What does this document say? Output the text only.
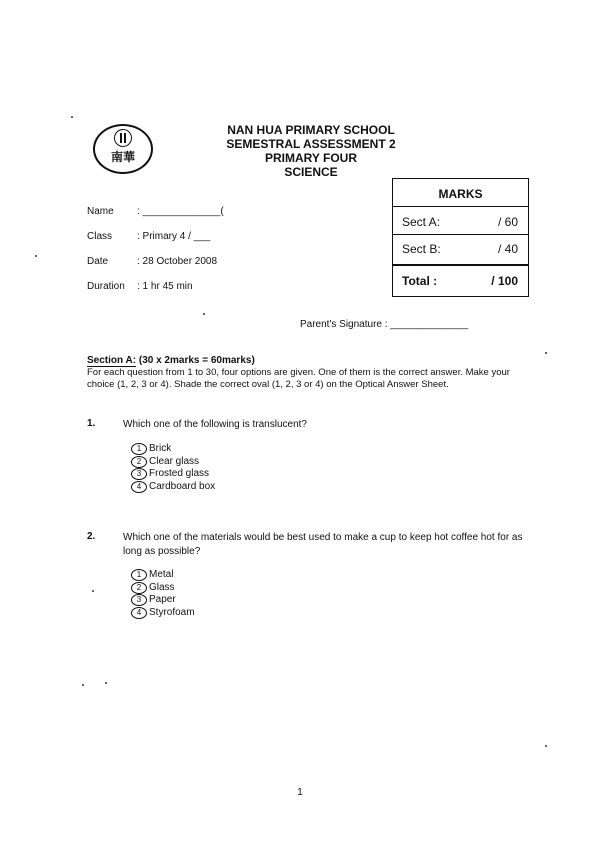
南華
NAN HUA PRIMARY SCHOOL
SEMESTRAL ASSESSMENT 2
PRIMARY FOUR
SCIENCE
Name : ______________(
Class : Primary 4 / ___
Date	: 28 October 2008
Duration : 1 hr 45 min
MARKS
Sect A:	/ 60
Sect B:	/ 40
Total :	/ 100
Parent's Signature : ______________
Section A: (30 x 2marks = 60marks)
For each question from 1 to 30, four options are given. One of them is the correct answer. Make your choice (1, 2, 3 or 4). Shade the correct oval (1, 2, 3 or 4) on the Optical Answer Sheet.
1.	Which one of the following is translucent?
1 Brick
2 Clear glass
3 Frosted glass
4 Cardboard box
2.	Which one of the materials would be best used to make a cup to keep hot coffee hot for as long as possible?
1 Metal
2 Glass
3 Paper
4 Styrofoam
1
